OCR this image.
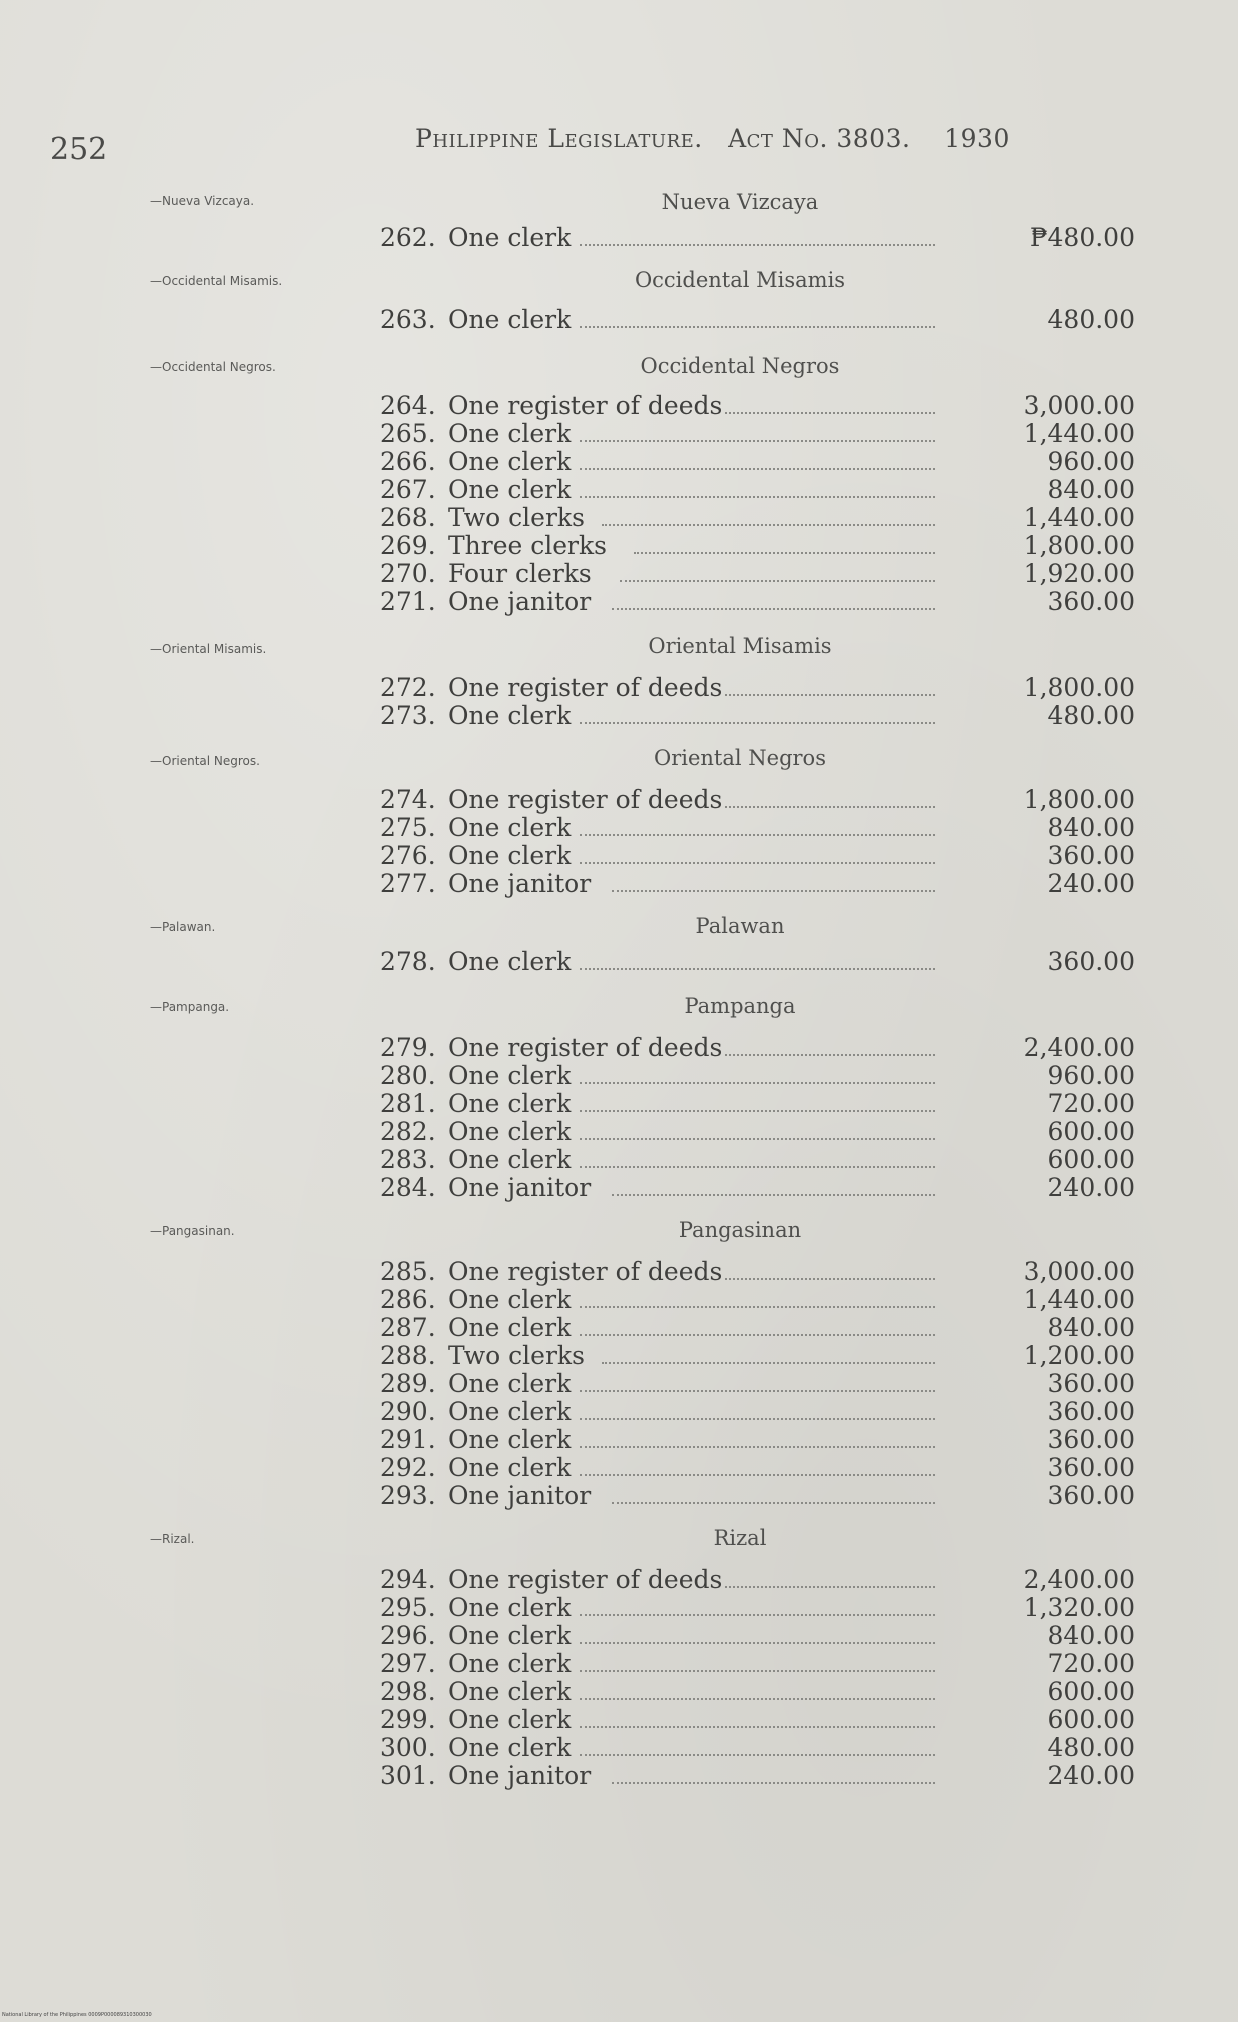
252	Philippine Legislature. Act No. 3803. 1930
—Nueva Vizcaya.	Nueva Vizcaya
262. One clerk	₱480.00
—Occidental Misamis.	Occidental Misamis
263. One clerk	480.00
—Occidental Negros.	Occidental Negros
264. One register of deeds	3,000.00
265. One clerk	1,440.00
266. One clerk	960.00
267. One clerk	840.00
268. Two clerks	1,440.00
269. Three clerks	1,800.00
270. Four clerks	1,920.00
271. One janitor	360.00
—Oriental Misamis.	Oriental Misamis
272. One register of deeds	1,800.00
273. One clerk	480.00
—Oriental Negros.	Oriental Negros
274. One register of deeds	1,800.00
275. One clerk	840.00
276. One clerk	360.00
277. One janitor	240.00
—Palawan.	Palawan
278. One clerk	360.00
—Pampanga.	Pampanga
279. One register of deeds	2,400.00
280. One clerk	960.00
281. One clerk	720.00
282. One clerk	600.00
283. One clerk	600.00
284. One janitor	240.00
—Pangasinan.	Pangasinan
285. One register of deeds	3,000.00
286. One clerk	1,440.00
287. One clerk	840.00
288. Two clerks	1,200.00
289. One clerk	360.00
290. One clerk	360.00
291. One clerk	360.00
292. One clerk	360.00
293. One janitor	360.00
—Rizal.	Rizal
294. One register of deeds	2,400.00
295. One clerk	1,320.00
296. One clerk	840.00
297. One clerk	720.00
298. One clerk	600.00
299. One clerk	600.00
300. One clerk	480.00
301. One janitor	240.00
National Library of the Philippines 0009P000089310300030
